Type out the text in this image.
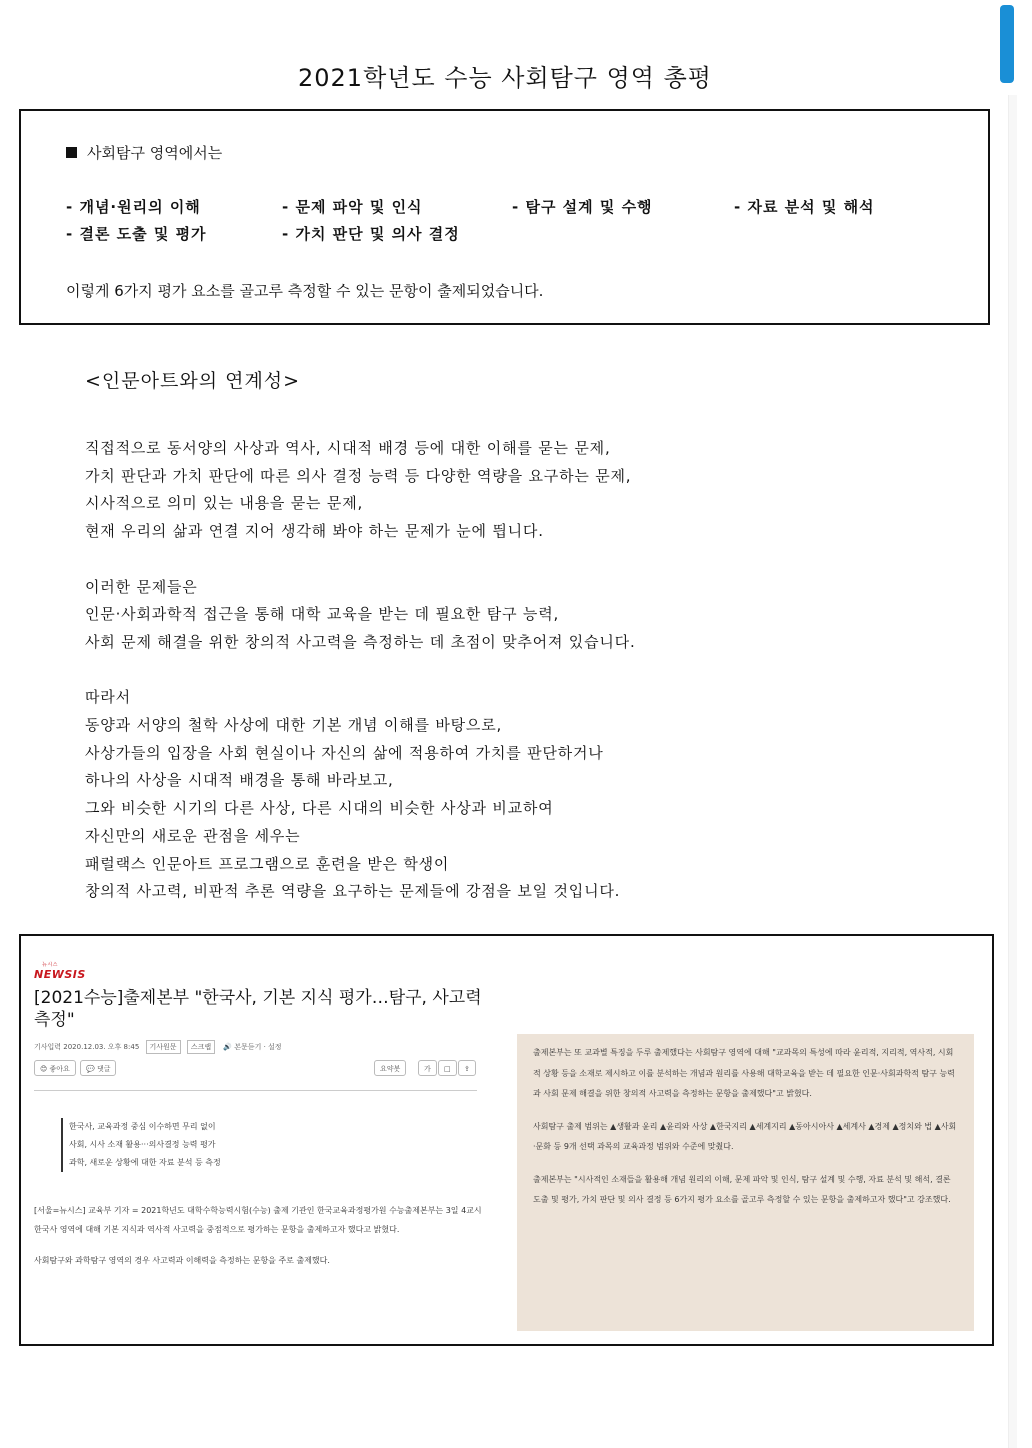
2021학년도 수능 사회탐구 영역 총평
사회탐구 영역에서는
- 개념·원리의 이해	- 문제 파악 및 인식	- 탐구 설계 및 수행	- 자료 분석 및 해석
- 결론 도출 및 평가	- 가치 판단 및 의사 결정
이렇게 6가지 평가 요소를 골고루 측정할 수 있는 문항이 출제되었습니다.
<인문아트와의 연계성>

직접적으로 동서양의 사상과 역사, 시대적 배경 등에 대한 이해를 묻는 문제,

가치 판단과 가치 판단에 따른 의사 결정 능력 등 다양한 역량을 요구하는 문제,

시사적으로 의미 있는 내용을 묻는 문제,

현재 우리의 삶과 연결 지어 생각해 봐야 하는 문제가 눈에 띕니다.

이러한 문제들은

인문·사회과학적 접근을 통해 대학 교육을 받는 데 필요한 탐구 능력,

사회 문제 해결을 위한 창의적 사고력을 측정하는 데 초점이 맞추어져 있습니다.

따라서

동양과 서양의 철학 사상에 대한 기본 개념 이해를 바탕으로,

사상가들의 입장을 사회 현실이나 자신의 삶에 적용하여 가치를 판단하거나

하나의 사상을 시대적 배경을 통해 바라보고,

그와 비슷한 시기의 다른 사상, 다른 시대의 비슷한 사상과 비교하여

자신만의 새로운 관점을 세우는

패럴랙스 인문아트 프로그램으로 훈련을 받은 학생이

창의적 사고력, 비판적 추론 역량을 요구하는 문제들에 강점을 보일 것입니다.

뉴시스
NEWSIS
[2021수능]출제본부 "한국사, 기본 지식 평가…탐구, 사고력 측정"
기사입력 2020.12.03. 오후 8:45 기사원문 스크랩 🔊 본문듣기 · 설정
😊 좋아요	💬 댓글	요약봇	가	□	⇪

한국사, 교육과정 중심 이수하면 무리 없이

사회, 시사 소재 활용···의사결정 능력 평가

과학, 새로운 상황에 대한 자료 분석 등 측정

[서울=뉴시스] 교육부 기자 = 2021학년도 대학수학능력시험(수능) 출제 기관인 한국교육과정평가원 수능출제본부는 3일 4교시 한국사 영역에 대해 기본 지식과 역사적 사고력을 중점적으로 평가하는 문항을 출제하고자 했다고 밝혔다.

사회탐구와 과학탐구 영역의 경우 사고력과 이해력을 측정하는 문항을 주로 출제했다.

출제본부는 또 교과별 특징을 두루 출제했다는 사회탐구 영역에 대해 "교과목의 특성에 따라 윤리적, 지리적, 역사적, 시회적 상황 등을 소재로 제시하고 이를 분석하는 개념과 원리를 사용해 대학교육을 받는 데 필요한 인문·사회과학적 탐구 능력과 사회 문제 해결을 위한 창의적 사고력을 측정하는 문항을 출제했다"고 밝혔다.

사회탐구 출제 범위는 ▲생활과 윤리 ▲윤리와 사상 ▲한국지리 ▲세계지리 ▲동아시아사 ▲세계사 ▲경제 ▲정치와 법 ▲사회·문화 등 9개 선택 과목의 교육과정 범위와 수준에 맞췄다.

출제본부는 "시사적인 소재들을 활용해 개념 원리의 이해, 문제 파악 및 인식, 탐구 설계 및 수행, 자료 분석 및 해석, 결론 도출 및 평가, 가치 판단 및 의사 결정 등 6가지 평가 요소를 골고루 측정할 수 있는 문항을 출제하고자 했다"고 강조했다.
